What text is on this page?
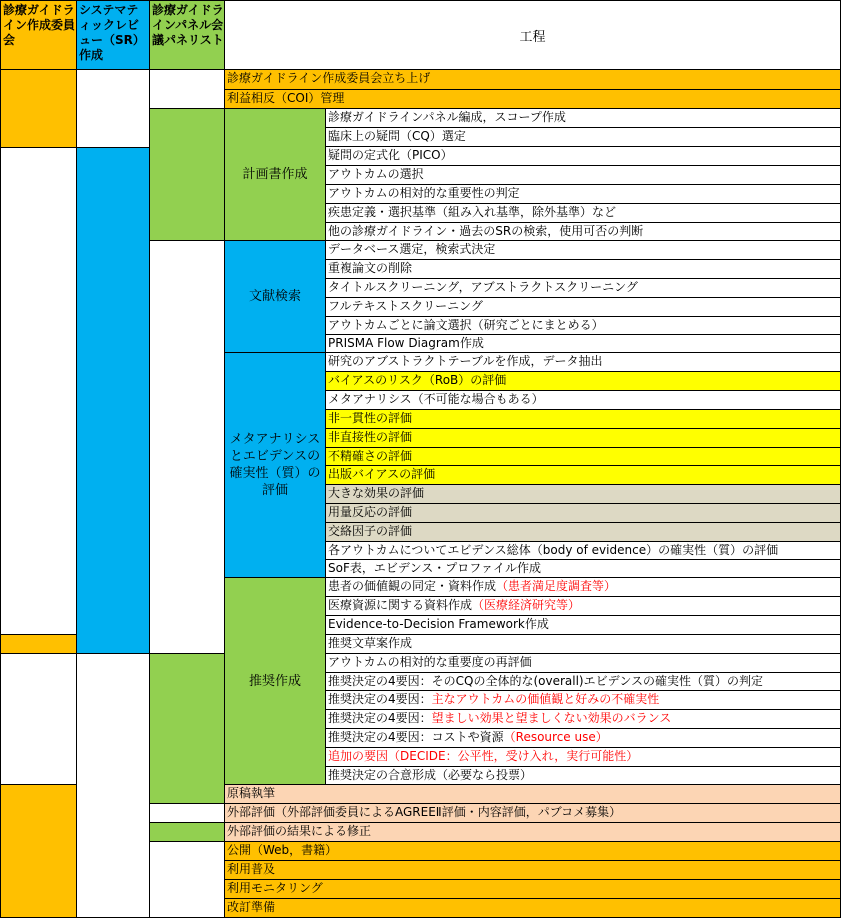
診療ガイドライン作成委員会
システマティックレビュー（SR）作成
診療ガイドラインパネル会議パネリスト	工程
診療ガイドライン作成委員会立ち上げ
利益相反（COI）管理
計画書作成
診療ガイドラインパネル編成，スコープ作成
臨床上の疑問（CQ）選定
疑問の定式化（PICO）
アウトカムの選択
アウトカムの相対的な重要性の判定
疾患定義・選択基準（組み入れ基準，除外基準）など
他の診療ガイドライン・過去のSRの検索，使用可否の判断
文献検索
データベース選定，検索式決定
重複論文の削除
タイトルスクリーニング，アブストラクトスクリーニング
フルテキストスクリーニング
アウトカムごとに論文選択（研究ごとにまとめる）
PRISMA Flow Diagram作成
メタアナリシス
とエビデンスの
確実性（質）の
評価
研究のアブストラクトテーブルを作成，データ抽出
バイアスのリスク（RoB）の評価
メタアナリシス（不可能な場合もある）
非一貫性の評価
非直接性の評価
不精確さの評価
出版バイアスの評価
大きな効果の評価
用量反応の評価
交絡因子の評価
各アウトカムについてエビデンス総体（body of evidence）の確実性（質）の評価
SoF表，エビデンス・プロファイル作成
推奨作成
患者の価値観の同定・資料作成（患者満足度調査等）
医療資源に関する資料作成（医療経済研究等）
Evidence-to-Decision Framework作成
推奨文草案作成
アウトカムの相対的な重要度の再評価
推奨決定の4要因：そのCQの全体的な(overall)エビデンスの確実性（質）の判定
推奨決定の4要因：主なアウトカムの価値観と好みの不確実性
推奨決定の4要因：望ましい効果と望ましくない効果のバランス
推奨決定の4要因：コストや資源（Resource use）
追加の要因（DECIDE：公平性，受け入れ，実行可能性）
推奨決定の合意形成（必要なら投票）
原稿執筆
外部評価（外部評価委員によるAGREEⅡ評価・内容評価，パブコメ募集）
外部評価の結果による修正
公開（Web，書籍）
利用普及
利用モニタリング
改訂準備
